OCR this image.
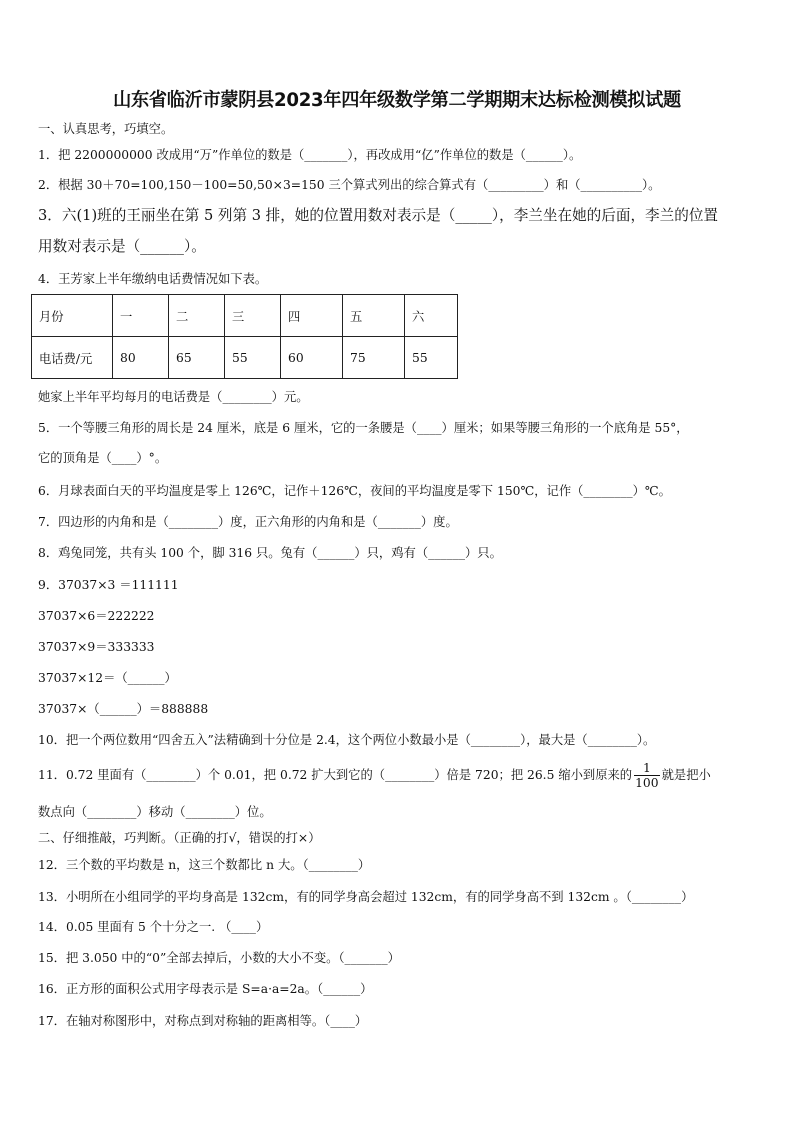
山东省临沂市蒙阴县2023年四年级数学第二学期期末达标检测模拟试题
一、认真思考，巧填空。
1．把 2200000000 改成用“万”作单位的数是（_______），再改成用“亿”作单位的数是（______）。
2．根据 30＋70=100,150－100=50,50×3=150 三个算式列出的综合算式有（_________）和（__________）。
3．六(1)班的王丽坐在第 5 列第 3 排，她的位置用数对表示是（_____），李兰坐在她的后面，李兰的位置
用数对表示是（______）。
4．王芳家上半年缴纳电话费情况如下表。
月份	一	二	三	四	五	六
电话费/元	80	65	55	60	75	55
她家上半年平均每月的电话费是（________）元。
5．一个等腰三角形的周长是 24 厘米，底是 6 厘米，它的一条腰是（____）厘米；如果等腰三角形的一个底角是 55°，
它的顶角是（____）°。
6．月球表面白天的平均温度是零上 126℃，记作＋126℃，夜间的平均温度是零下 150℃，记作（________）℃。
7．四边形的内角和是（________）度，正六角形的内角和是（_______）度。
8．鸡兔同笼，共有头 100 个，脚 316 只。兔有（______）只，鸡有（______）只。
9．37037×3 ＝111111
37037×6＝222222
37037×9＝333333
37037×12＝（______）
37037×（______）＝888888
10．把一个两位数用“四舍五入”法精确到十分位是 2.4，这个两位小数最小是（________），最大是（________）。
11．0.72 里面有（________）个 0.01，把 0.72 扩大到它的（________）倍是 720；把 26.5 缩小到原来的 $\frac{1}{100}$ 就是把小
数点向（________）移动（________）位。
二、仔细推敲，巧判断。（正确的打√，错误的打×）
12．三个数的平均数是 n，这三个数都比 n 大。（________）
13．小明所在小组同学的平均身高是 132cm，有的同学身高会超过 132cm，有的同学身高不到 132cm 。（________）
14．0.05 里面有 5 个十分之一. （____）
15．把 3.050 中的“0”全部去掉后，小数的大小不变。（_______）
16．正方形的面积公式用字母表示是 S=a·a=2a。（______）
17．在轴对称图形中，对称点到对称轴的距离相等。（____）
